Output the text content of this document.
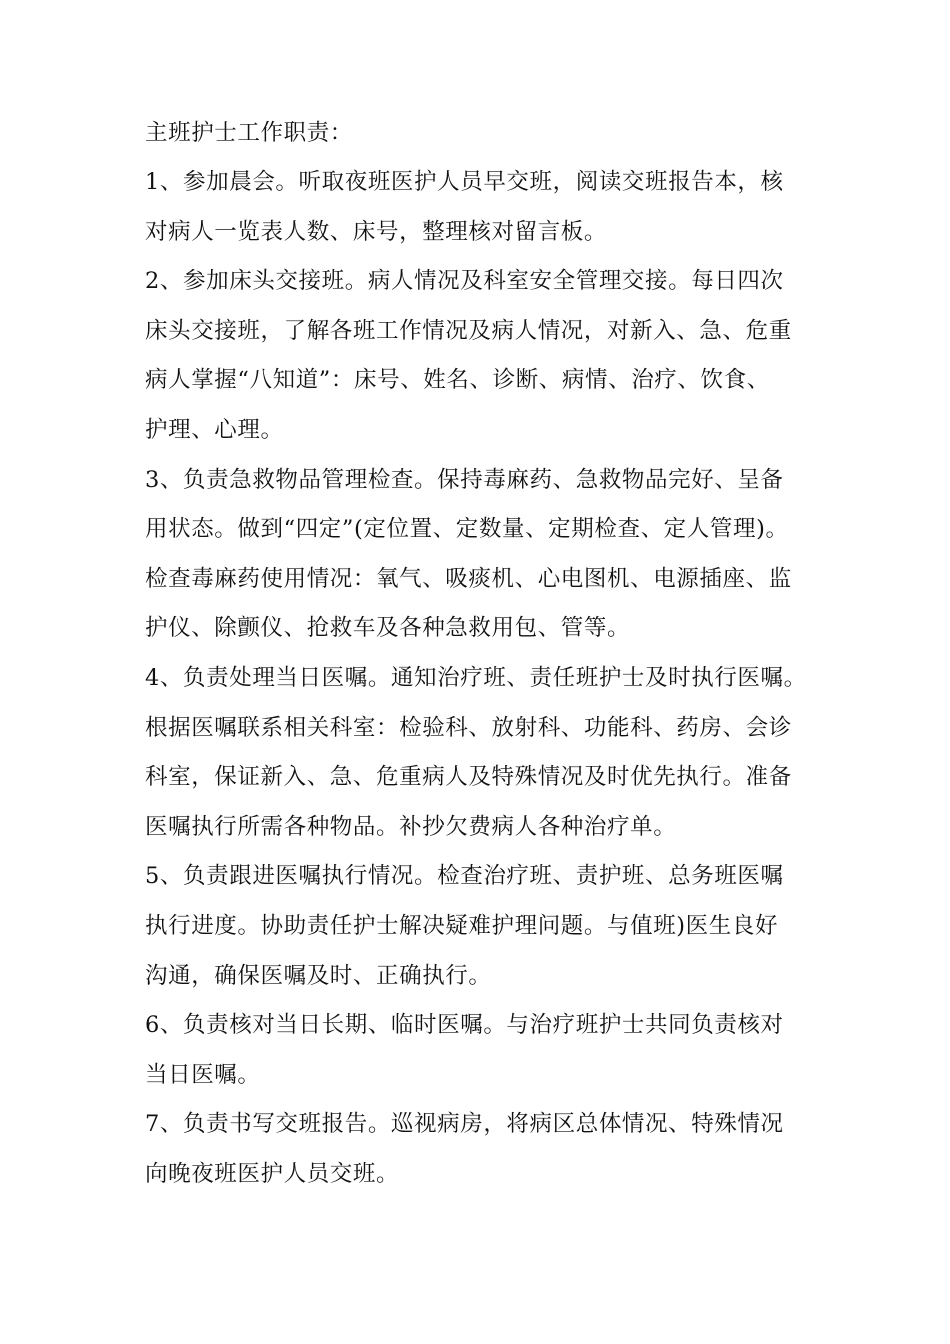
主班护士工作职责：
1、参加晨会。听取夜班医护人员早交班，阅读交班报告本，核
对病人一览表人数、床号，整理核对留言板。
2、参加床头交接班。病人情况及科室安全管理交接。每日四次
床头交接班，了解各班工作情况及病人情况，对新入、急、危重
病人掌握“八知道”：床号、姓名、诊断、病情、治疗、饮食、
护理、心理。
3、负责急救物品管理检查。保持毒麻药、急救物品完好、呈备
用状态。做到“四定”(定位置、定数量、定期检查、定人管理)。
检查毒麻药使用情况：氧气、吸痰机、心电图机、电源插座、监
护仪、除颤仪、抢救车及各种急救用包、管等。
4、负责处理当日医嘱。通知治疗班、责任班护士及时执行医嘱。
根据医嘱联系相关科室：检验科、放射科、功能科、药房、会诊
科室，保证新入、急、危重病人及特殊情况及时优先执行。准备
医嘱执行所需各种物品。补抄欠费病人各种治疗单。
5、负责跟进医嘱执行情况。检查治疗班、责护班、总务班医嘱
执行进度。协助责任护士解决疑难护理问题。与值班)医生良好
沟通，确保医嘱及时、正确执行。
6、负责核对当日长期、临时医嘱。与治疗班护士共同负责核对
当日医嘱。
7、负责书写交班报告。巡视病房，将病区总体情况、特殊情况
向晚夜班医护人员交班。
